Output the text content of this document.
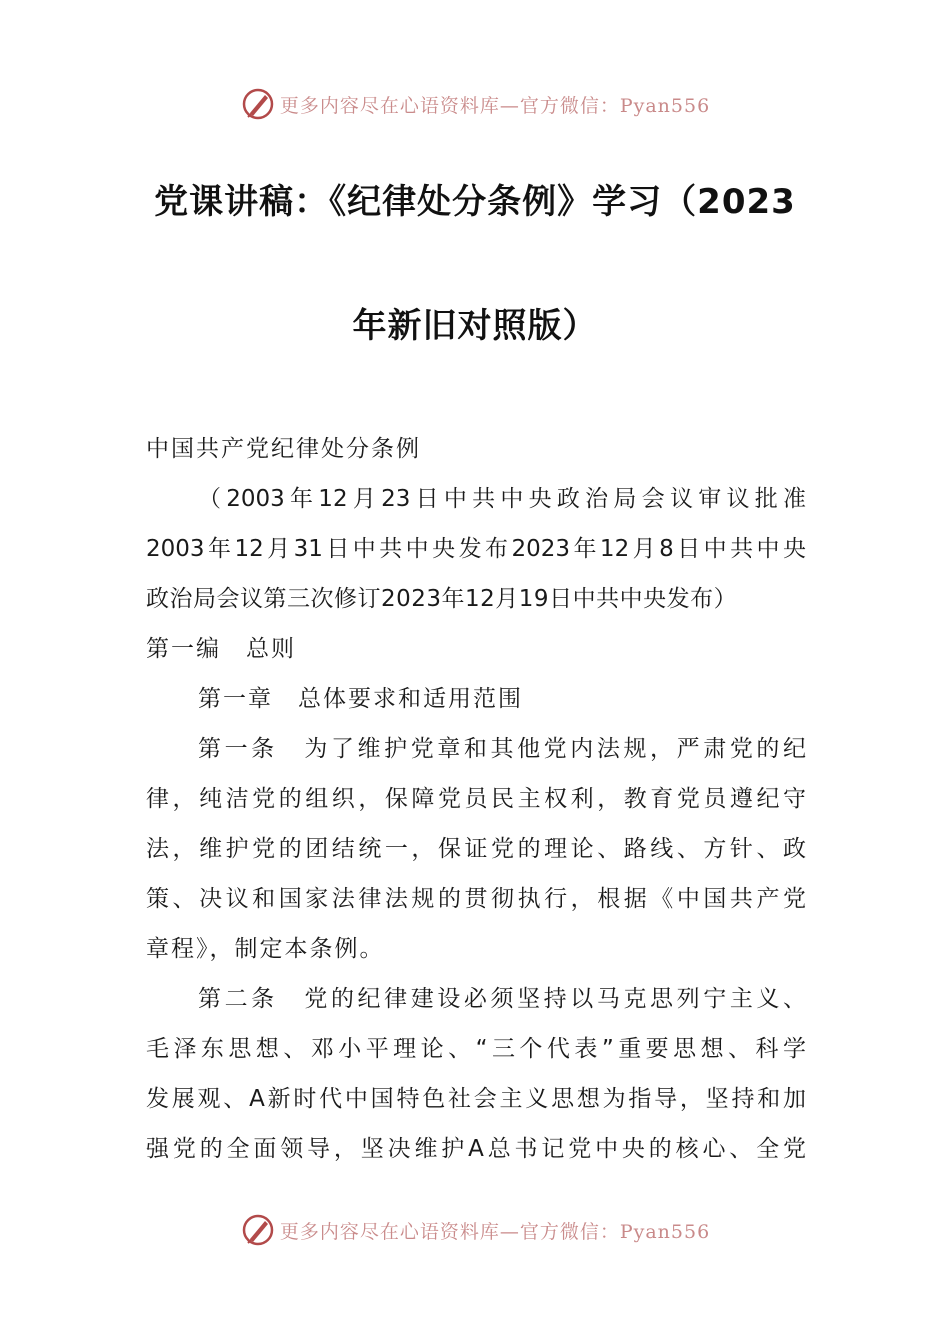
更多内容尽在心语资料库—官方微信：Pyan556
党课讲稿：《纪律处分条例》学习（2023
年新旧对照版）
中国共产党纪律处分条例
（2003年12月23日中共中央政治局会议审议批准
2003年12月31日中共中央发布2023年12月8日中共中央
政治局会议第三次修订2023年12月19日中共中央发布）
第一编　总则
第一章　总体要求和适用范围
第一条　为了维护党章和其他党内法规，严肃党的纪
律，纯洁党的组织，保障党员民主权利，教育党员遵纪守
法，维护党的团结统一，保证党的理论、路线、方针、政
策、决议和国家法律法规的贯彻执行，根据《中国共产党
章程》，制定本条例。
第二条　党的纪律建设必须坚持以马克思列宁主义、
毛泽东思想、邓小平理论、“三个代表”重要思想、科学
发展观、A新时代中国特色社会主义思想为指导，坚持和加
强党的全面领导，坚决维护A总书记党中央的核心、全党
更多内容尽在心语资料库—官方微信：Pyan556
